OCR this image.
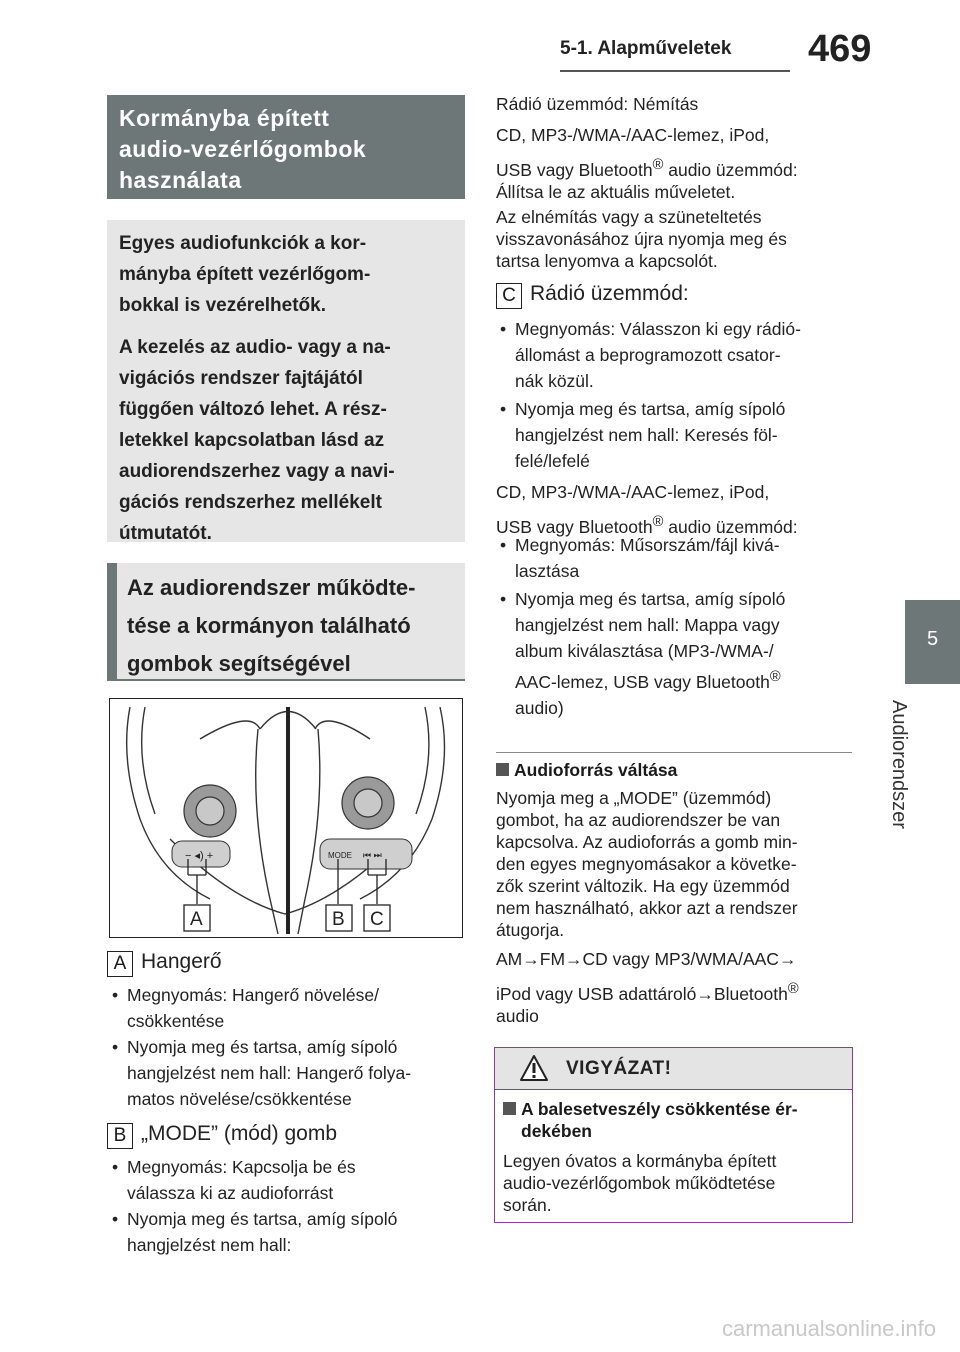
5-1. Alapműveletek 469
5
Audiorendszer
Kormányba épített
audio-vezérlőgombok
használata

Egyes audiofunkciók a kor-
mányba épített vezérlőgom-
bokkal is vezérelhetők.

A kezelés az audio- vagy a na-
vigációs rendszer fajtájától
függően változó lehet. A rész-
letekkel kapcsolatban lásd az
audiorendszerhez vagy a navi-
gációs rendszerhez mellékelt
útmutatót.

Az audiorendszer működte-
tése a kormányon található
gombok segítségével
− ◂) +	MODE ⏮ ⏭
A	B C
A Hangerő
• Megnyomás: Hangerő növelése/
csökkentése
• Nyomja meg és tartsa, amíg sípoló
hangjelzést nem hall: Hangerő folya-
matos növelése/csökkentése
B „MODE” (mód) gomb
• Megnyomás: Kapcsolja be és
válassza ki az audioforrást
• Nyomja meg és tartsa, amíg sípoló
hangjelzést nem hall:
Rádió üzemmód: Némítás
CD, MP3-/WMA-/AAC-lemez, iPod,
USB vagy Bluetooth® audio üzemmód:
Állítsa le az aktuális műveletet.
Az elnémítás vagy a szüneteltetés
visszavonásához újra nyomja meg és
tartsa lenyomva a kapcsolót.
C Rádió üzemmód:
• Megnyomás: Válasszon ki egy rádió-
állomást a beprogramozott csator-
nák közül.
• Nyomja meg és tartsa, amíg sípoló
hangjelzést nem hall: Keresés föl-
felé/lefelé
CD, MP3-/WMA-/AAC-lemez, iPod,
USB vagy Bluetooth® audio üzemmód:
• Megnyomás: Műsorszám/fájl kivá-
lasztása
• Nyomja meg és tartsa, amíg sípoló
hangjelzést nem hall: Mappa vagy
album kiválasztása (MP3-/WMA-/
AAC-lemez, USB vagy Bluetooth®
audio)
Audioforrás váltása
Nyomja meg a „MODE” (üzemmód)
gombot, ha az audiorendszer be van
kapcsolva. Az audioforrás a gomb min-
den egyes megnyomásakor a követke-
zők szerint változik. Ha egy üzemmód
nem használható, akkor azt a rendszer
átugorja.
AM→FM→CD vagy MP3/WMA/AAC→
iPod vagy USB adattároló→Bluetooth®
audio
VIGYÁZAT!
A balesetveszély csökkentése ér-
dekében
Legyen óvatos a kormányba épített
audio-vezérlőgombok működtetése
során.
carmanualsonline.info
